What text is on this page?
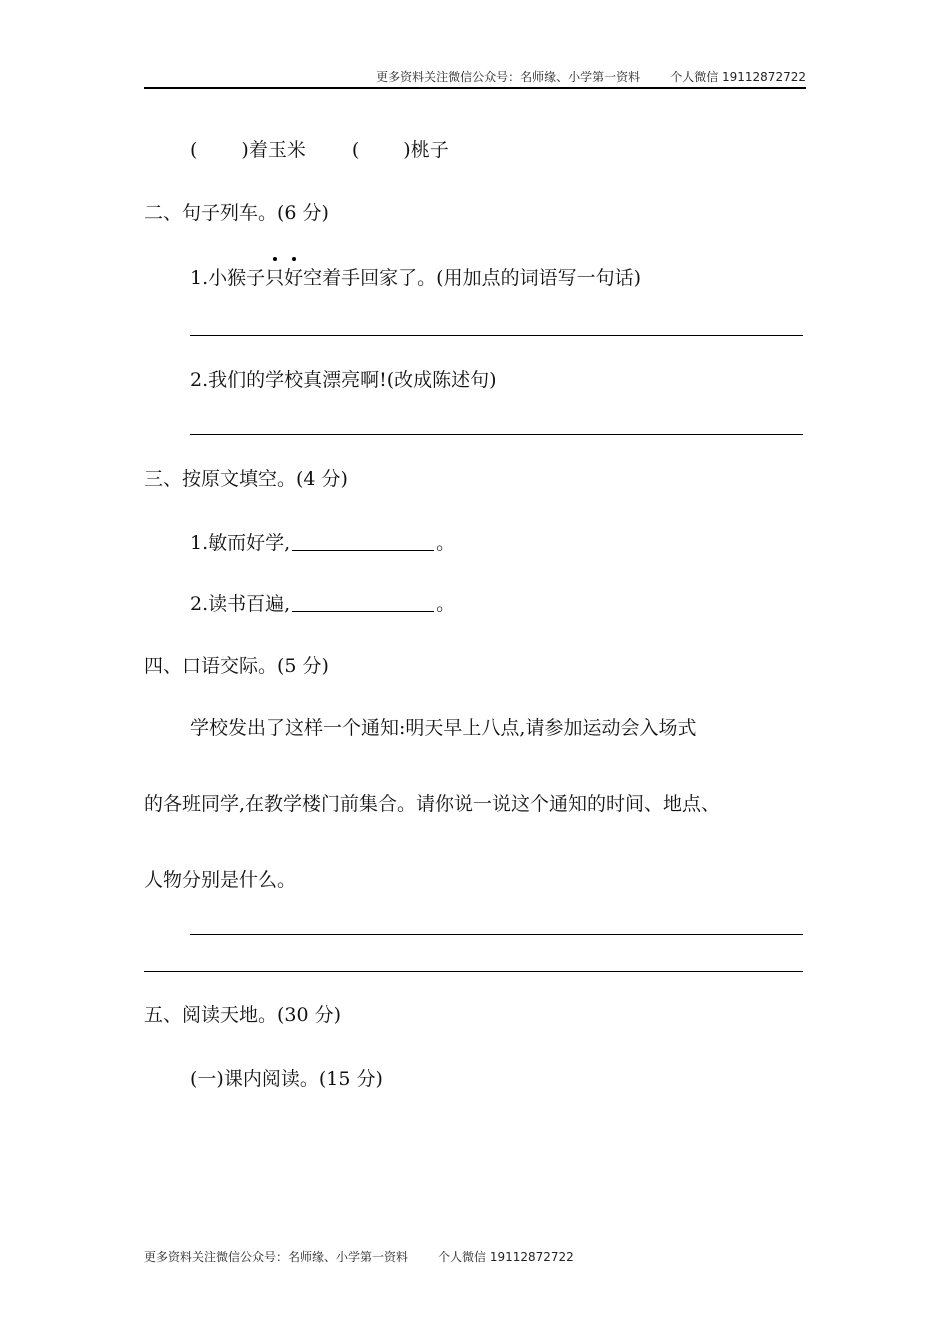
更多资料关注微信公众号：名师缘、小学第一资料	个人微信 19112872722
( )着玉米 ( )桃子
二、句子列车。(6 分)
1.小猴子只好空着手回家了。(用加点的词语写一句话)
2.我们的学校真漂亮啊!(改成陈述句)
三、按原文填空。(4 分)
1.敏而好学,	。
2.读书百遍,	。
四、口语交际。(5 分)
学校发出了这样一个通知:明天早上八点,请参加运动会入场式
的各班同学,在教学楼门前集合。请你说一说这个通知的时间、地点、
人物分别是什么。
五、阅读天地。(30 分)
(一)课内阅读。(15 分)
更多资料关注微信公众号：名师缘、小学第一资料	个人微信 19112872722
